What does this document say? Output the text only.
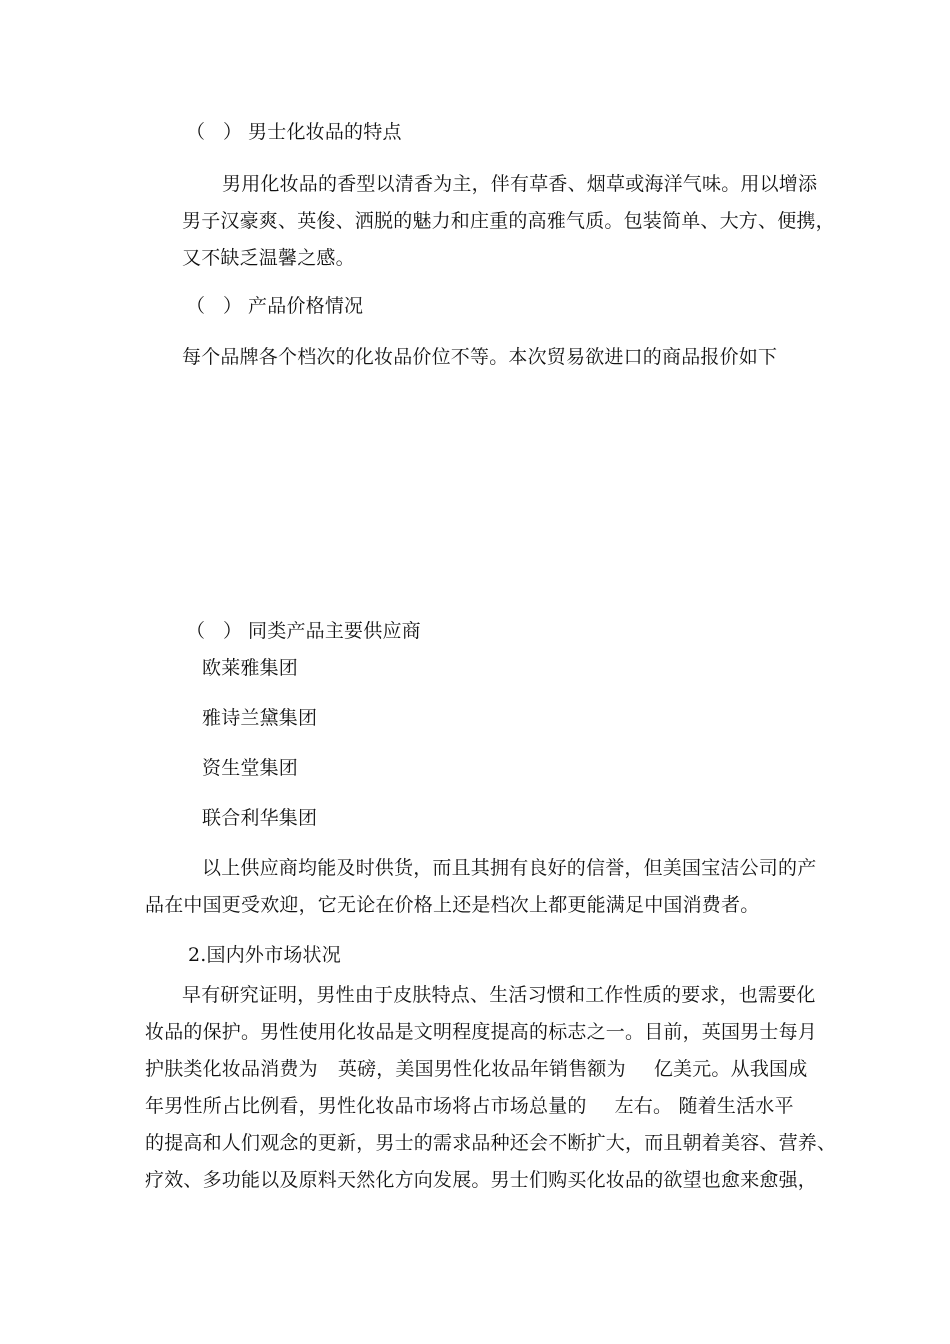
（ ）男士化妆品的特点
男用化妆品的香型以清香为主，伴有草香、烟草或海洋气味。用以增添
男子汉豪爽、英俊、洒脱的魅力和庄重的高雅气质。包装简单、大方、便携，
又不缺乏温馨之感。
（ ）产品价格情况
每个品牌各个档次的化妆品价位不等。本次贸易欲进口的商品报价如下
（ ）同类产品主要供应商
欧莱雅集团
雅诗兰黛集团
资生堂集团
联合利华集团
以上供应商均能及时供货，而且其拥有良好的信誉，但美国宝洁公司的产
品在中国更受欢迎，它无论在价格上还是档次上都更能满足中国消费者。
2.国内外市场状况
早有研究证明，男性由于皮肤特点、生活习惯和工作性质的要求，也需要化
妆品的保护。男性使用化妆品是文明程度提高的标志之一。目前，英国男士每月
护肤类化妆品消费为 英磅，美国男性化妆品年销售额为 亿美元。从我国成
年男性所占比例看，男性化妆品市场将占市场总量的 左右。 随着生活水平
的提高和人们观念的更新，男士的需求品种还会不断扩大，而且朝着美容、营养、
疗效、多功能以及原料天然化方向发展。男士们购买化妆品的欲望也愈来愈强，
